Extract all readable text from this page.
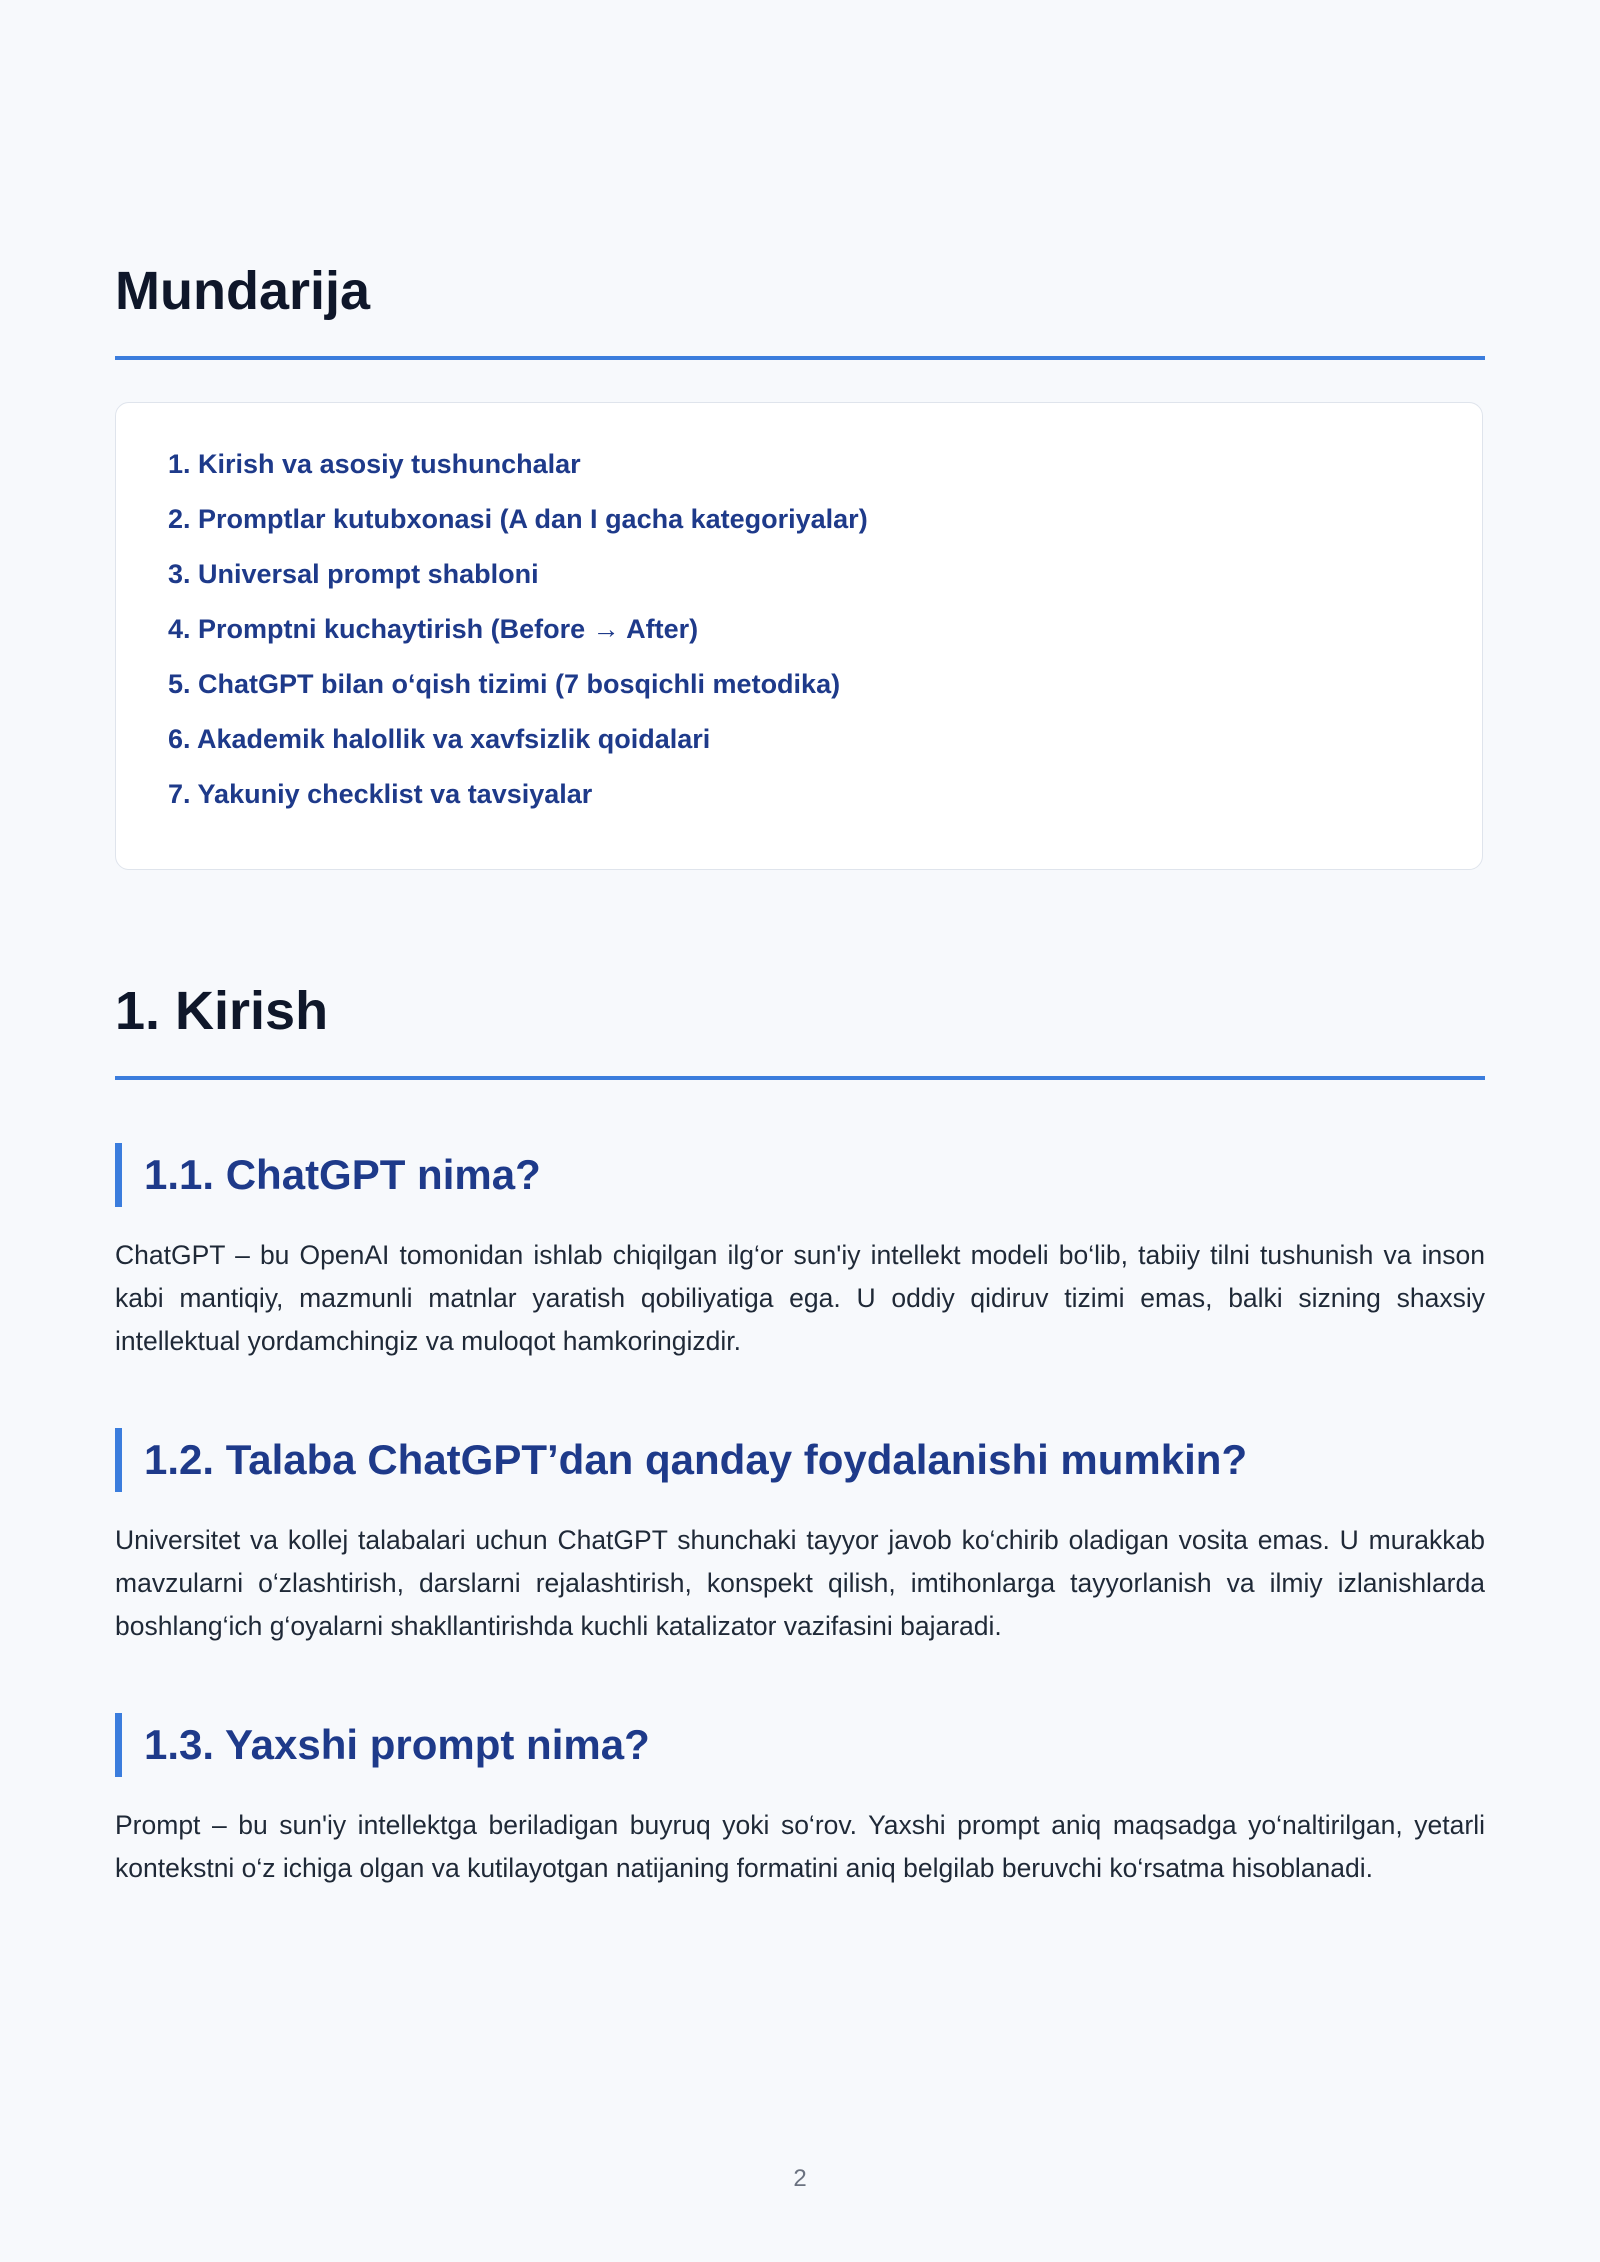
Mundarija
1. Kirish va asosiy tushunchalar
2. Promptlar kutubxonasi (A dan I gacha kategoriyalar)
3. Universal prompt shabloni
4. Promptni kuchaytirish (Before → After)
5. ChatGPT bilan o‘qish tizimi (7 bosqichli metodika)
6. Akademik halollik va xavfsizlik qoidalari
7. Yakuniy checklist va tavsiyalar
1. Kirish
1.1. ChatGPT nima?

ChatGPT – bu OpenAI tomonidan ishlab chiqilgan ilg‘or sun'iy intellekt modeli bo‘lib, tabiiy tilni tushunish va inson kabi mantiqiy, mazmunli matnlar yaratish qobiliyatiga ega. U oddiy qidiruv tizimi emas, balki sizning shaxsiy intellektual yordamchingiz va muloqot hamkoringizdir.

1.2. Talaba ChatGPT’dan qanday foydalanishi mumkin?

Universitet va kollej talabalari uchun ChatGPT shunchaki tayyor javob ko‘chirib oladigan vosita emas. U murakkab mavzularni o‘zlashtirish, darslarni rejalashtirish, konspekt qilish, imtihonlarga tayyorlanish va ilmiy izlanishlarda boshlang‘ich g‘oyalarni shakllantirishda kuchli katalizator vazifasini bajaradi.

1.3. Yaxshi prompt nima?

Prompt – bu sun'iy intellektga beriladigan buyruq yoki so‘rov. Yaxshi prompt aniq maqsadga yo‘naltirilgan, yetarli kontekstni o‘z ichiga olgan va kutilayotgan natijaning formatini aniq belgilab beruvchi ko‘rsatma hisoblanadi.

2
